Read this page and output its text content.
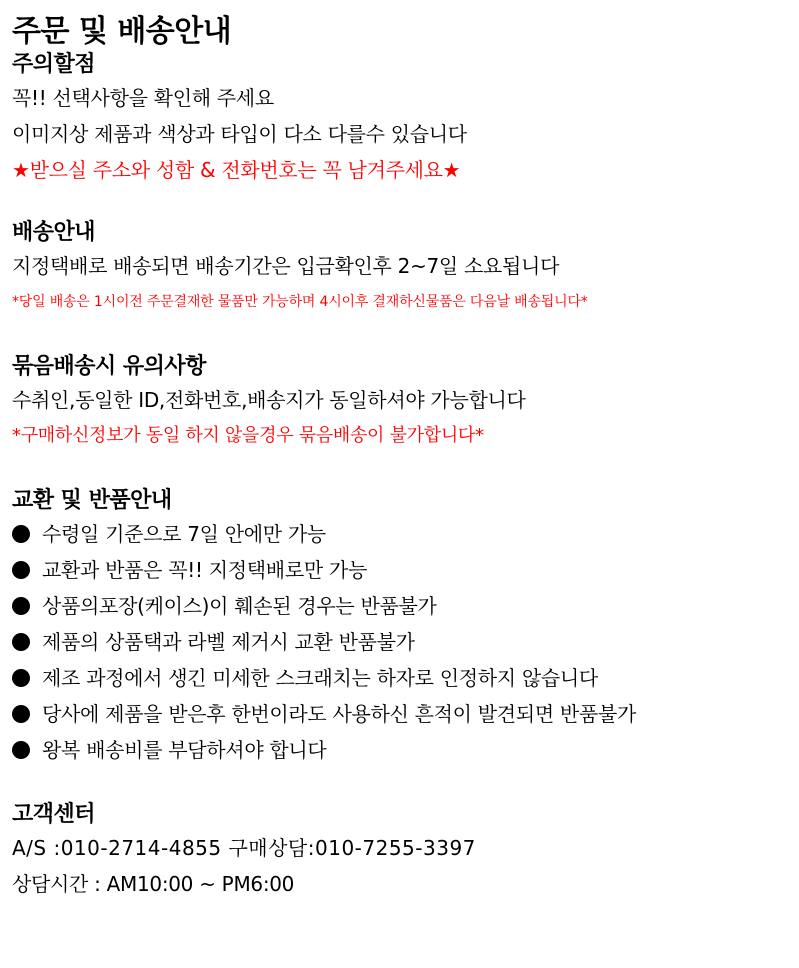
주문 및 배송안내
주의할점

꼭!! 선택사항을 확인해 주세요

이미지상 제품과 색상과 타입이 다소 다를수 있습니다

★받으실 주소와 성함 & 전화번호는 꼭 남겨주세요★

배송안내

지정택배로 배송되면 배송기간은 입금확인후 2~7일 소요됩니다

*당일 배송은 1시이전 주문결재한 물품만 가능하며 4시이후 결재하신물품은 다음날 배송됩니다*

묶음배송시 유의사항

수취인,동일한 ID,전화번호,배송지가 동일하셔야 가능합니다

*구매하신정보가 동일 하지 않을경우 묶음배송이 불가합니다*

교환 및 반품안내
수령일 기준으로 7일 안에만 가능
교환과 반품은 꼭!! 지정택배로만 가능
상품의포장(케이스)이 훼손된 경우는 반품불가
제품의 상품택과 라벨 제거시 교환 반품불가
제조 과정에서 생긴 미세한 스크래치는 하자로 인정하지 않습니다
당사에 제품을 받은후 한번이라도 사용하신 흔적이 발견되면 반품불가
왕복 배송비를 부담하셔야 합니다
고객센터

A/S :010-2714-4855 구매상담:010-7255-3397

상담시간 : AM10:00 ~ PM6:00
